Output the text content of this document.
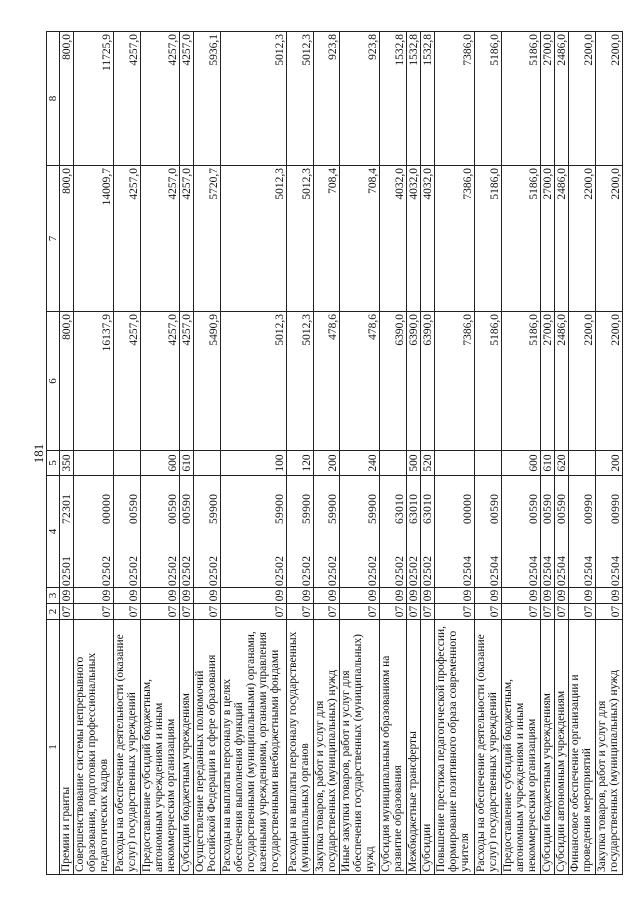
181
1	2	3	4	5	6	7	8
Премии и гранты	07	09	0250172301	350	800,0	800,0	800,0
Совершенствование системы непрерывного образования, подготовки профессиональных педагогических кадров	07	09	0250200000		16137,9	14009,7	11725,9
Расходы на обеспечение деятельности (оказание услуг) государственных учреждений	07	09	0250200590		4257,0	4257,0	4257,0
Предоставление субсидий бюджетным, автономным учреждениям и иным некоммерческим организациям	07	09	0250200590	600	4257,0	4257,0	4257,0
Субсидии бюджетным учреждениям	07	09	0250200590	610	4257,0	4257,0	4257,0
Осуществление переданных полномочий Российской Федерации в сфере образования	07	09	0250259900		5490,9	5720,7	5936,1
Расходы на выплаты персоналу в целях обеспечения выполнения функций государственными (муниципальными) органами, казенными учреждениями, органами управления государственными внебюджетными фондами	07	09	0250259900	100	5012,3	5012,3	5012,3
Расходы на выплаты персоналу государственных (муниципальных) органов	07	09	0250259900	120	5012,3	5012,3	5012,3
Закупка товаров, работ и услуг для государственных (муниципальных) нужд	07	09	0250259900	200	478,6	708,4	923,8
Иные закупки товаров, работ и услуг для обеспечения государственных (муниципальных) нужд	07	09	0250259900	240	478,6	708,4	923,8
Субсидия муниципальным образованиям на развитие образования	07	09	0250263010		6390,0	4032,0	1532,8
Межбюджетные трансферты	07	09	0250263010	500	6390,0	4032,0	1532,8
Субсидии	07	09	0250263010	520	6390,0	4032,0	1532,8
Повышение престижа педагогической профессии, формирование позитивного образа современного учителя	07	09	0250400000		7386,0	7386,0	7386,0
Расходы на обеспечение деятельности (оказание услуг) государственных учреждений	07	09	0250400590		5186,0	5186,0	5186,0
Предоставление субсидий бюджетным, автономным учреждениям и иным некоммерческим организациям	07	09	0250400590	600	5186,0	5186,0	5186,0
Субсидии бюджетным учреждениям	07	09	0250400590	610	2700,0	2700,0	2700,0
Субсидии автономным учреждениям	07	09	0250400590	620	2486,0	2486,0	2486,0
Финансовое обеспечение организации и проведения мероприятий	07	09	0250400990		2200,0	2200,0	2200,0
Закупка товаров, работ и услуг для государственных (муниципальных) нужд	07	09	0250400990	200	2200,0	2200,0	2200,0
